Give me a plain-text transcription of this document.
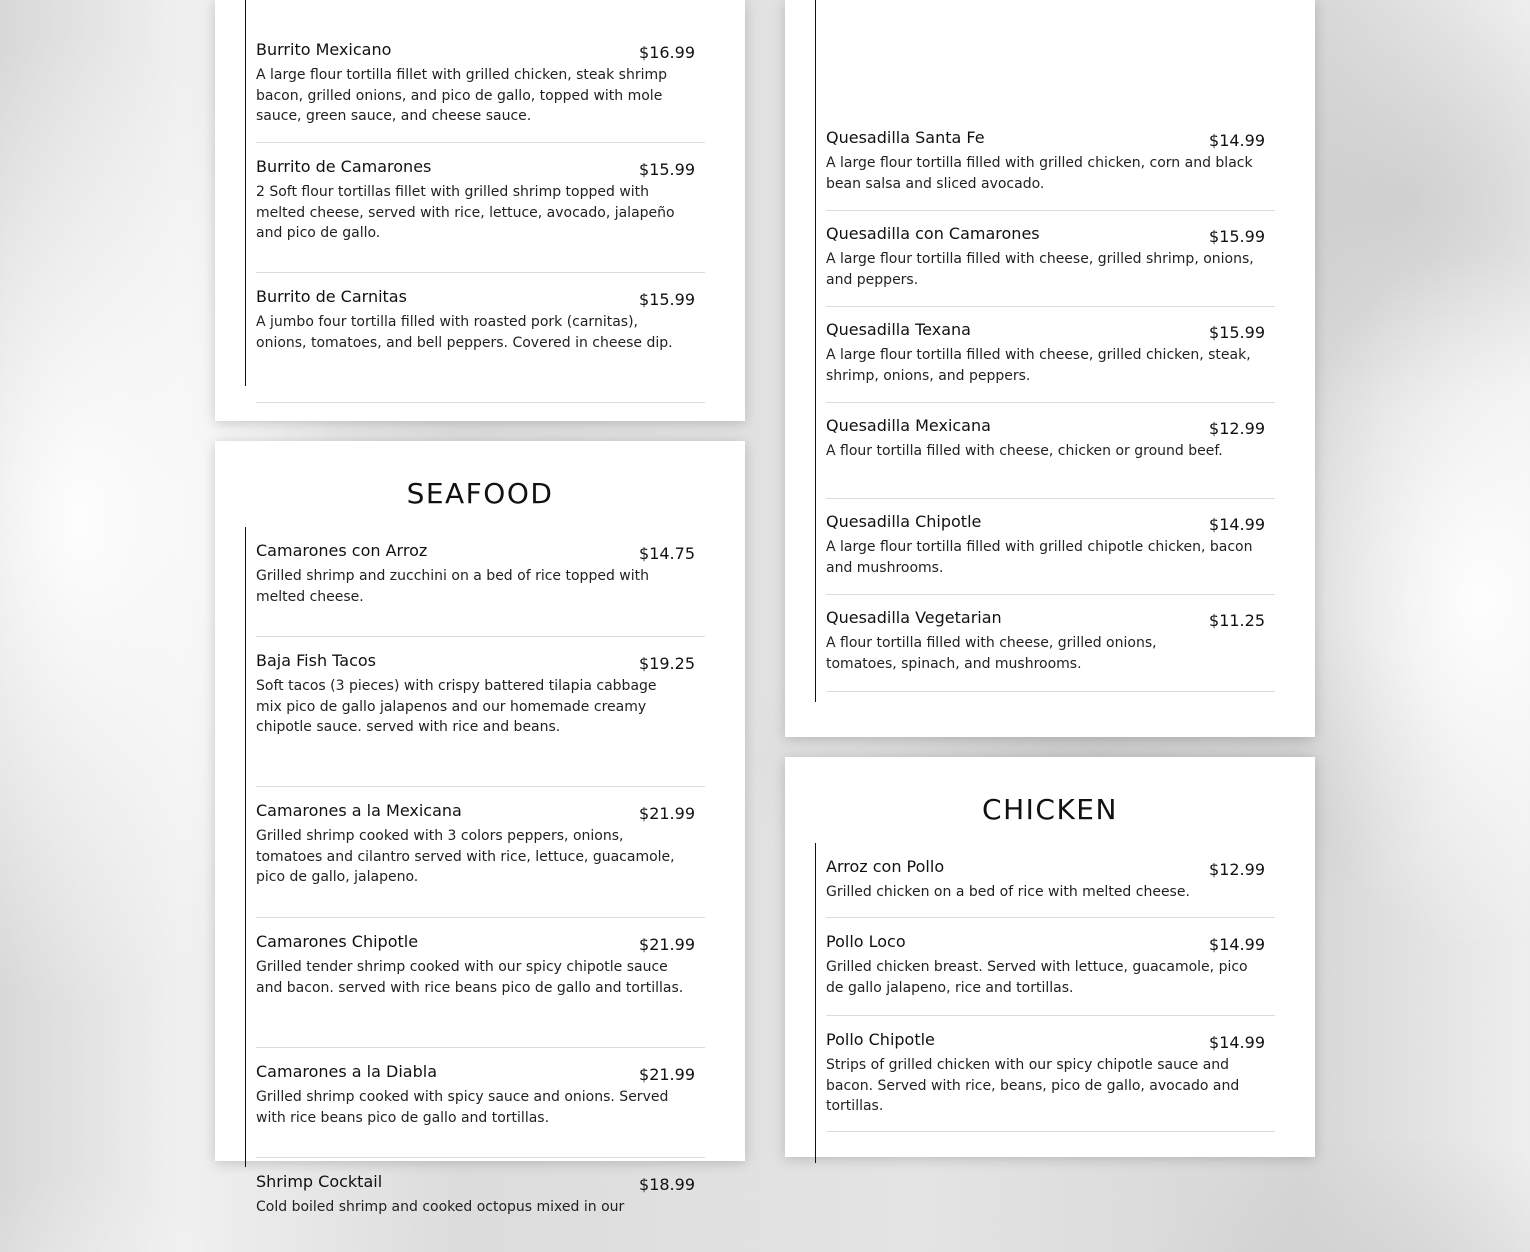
Burrito Mexicano	$16.99
A large flour tortilla fillet with grilled chicken, steak shrimp bacon, grilled onions, and pico de gallo, topped with mole sauce, green sauce, and cheese sauce.
Burrito de Camarones	$15.99
2 Soft flour tortillas fillet with grilled shrimp topped with melted cheese, served with rice, lettuce, avocado, jalapeño and pico de gallo.
Burrito de Carnitas	$15.99
A jumbo four tortilla filled with roasted pork (carnitas), onions, tomatoes, and bell peppers. Covered in cheese dip.
SEAFOOD
Camarones con Arroz	$14.75
Grilled shrimp and zucchini on a bed of rice topped with melted cheese.
Baja Fish Tacos	$19.25
Soft tacos (3 pieces) with crispy battered tilapia cabbage mix pico de gallo jalapenos and our homemade creamy chipotle sauce. served with rice and beans.
Camarones a la Mexicana	$21.99
Grilled shrimp cooked with 3 colors peppers, onions, tomatoes and cilantro served with rice, lettuce, guacamole, pico de gallo, jalapeno.
Camarones Chipotle	$21.99
Grilled tender shrimp cooked with our spicy chipotle sauce and bacon. served with rice beans pico de gallo and tortillas.
Camarones a la Diabla	$21.99
Grilled shrimp cooked with spicy sauce and onions. Served with rice beans pico de gallo and tortillas.
Shrimp Cocktail	$18.99
Cold boiled shrimp and cooked octopus mixed in our
Quesadilla Santa Fe	$14.99
A large flour tortilla filled with grilled chicken, corn and black bean salsa and sliced avocado.
Quesadilla con Camarones	$15.99
A large flour tortilla filled with cheese, grilled shrimp, onions, and peppers.
Quesadilla Texana	$15.99
A large flour tortilla filled with cheese, grilled chicken, steak, shrimp, onions, and peppers.
Quesadilla Mexicana	$12.99
A flour tortilla filled with cheese, chicken or ground beef.
Quesadilla Chipotle	$14.99
A large flour tortilla filled with grilled chipotle chicken, bacon and mushrooms.
Quesadilla Vegetarian	$11.25
A flour tortilla filled with cheese, grilled onions, tomatoes, spinach, and mushrooms.
CHICKEN
Arroz con Pollo	$12.99
Grilled chicken on a bed of rice with melted cheese.
Pollo Loco	$14.99
Grilled chicken breast. Served with lettuce, guacamole, pico de gallo jalapeno, rice and tortillas.
Pollo Chipotle	$14.99
Strips of grilled chicken with our spicy chipotle sauce and bacon. Served with rice, beans, pico de gallo, avocado and tortillas.
